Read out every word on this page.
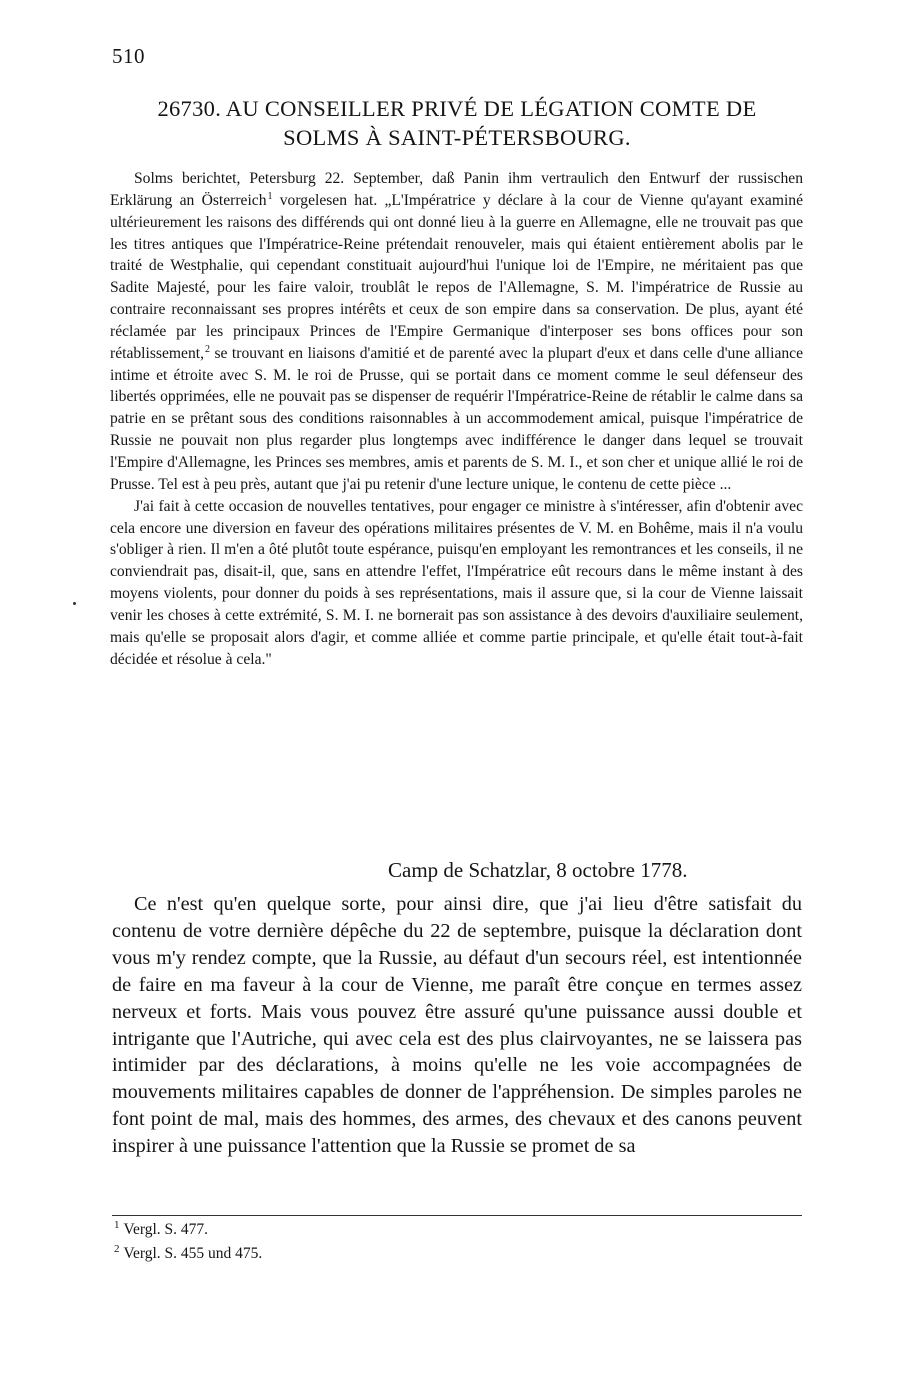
510
26730. AU CONSEILLER PRIVÉ DE LÉGATION COMTE DE
SOLMS À SAINT-PÉTERSBOURG.

Solms berichtet, Petersburg 22. September, daß Panin ihm vertraulich den Entwurf der russischen Erklärung an Österreich$^1$ vorgelesen hat. „L'Impératrice y déclare à la cour de Vienne qu'ayant examiné ultérieurement les raisons des différends qui ont donné lieu à la guerre en Allemagne, elle ne trouvait pas que les titres antiques que l'Impératrice-Reine prétendait renouveler, mais qui étaient entièrement abolis par le traité de Westphalie, qui cependant constituait aujourd'hui l'unique loi de l'Empire, ne méritaient pas que Sadite Majesté, pour les faire valoir, troublât le repos de l'Allemagne, S. M. l'impératrice de Russie au contraire reconnaissant ses propres intérêts et ceux de son empire dans sa conservation. De plus, ayant été réclamée par les principaux Princes de l'Empire Germanique d'interposer ses bons offices pour son rétablissement,$^2$ se trouvant en liaisons d'amitié et de parenté avec la plupart d'eux et dans celle d'une alliance intime et étroite avec S. M. le roi de Prusse, qui se portait dans ce moment comme le seul défenseur des libertés opprimées, elle ne pouvait pas se dispenser de requérir l'Impératrice-Reine de rétablir le calme dans sa patrie en se prêtant sous des conditions raisonnables à un accommodement amical, puisque l'impératrice de Russie ne pouvait non plus regarder plus longtemps avec indifférence le danger dans lequel se trouvait l'Empire d'Allemagne, les Princes ses membres, amis et parents de S. M. I., et son cher et unique allié le roi de Prusse. Tel est à peu près, autant que j'ai pu retenir d'une lecture unique, le contenu de cette pièce ...

J'ai fait à cette occasion de nouvelles tentatives, pour engager ce ministre à s'intéresser, afin d'obtenir avec cela encore une diversion en faveur des opérations militaires présentes de V. M. en Bohême, mais il n'a voulu s'obliger à rien. Il m'en a ôté plutôt toute espérance, puisqu'en employant les remontrances et les conseils, il ne conviendrait pas, disait-il, que, sans en attendre l'effet, l'Impératrice eût recours dans le même instant à des moyens violents, pour donner du poids à ses représentations, mais il assure que, si la cour de Vienne laissait venir les choses à cette extrémité, S. M. I. ne bornerait pas son assistance à des devoirs d'auxiliaire seulement, mais qu'elle se proposait alors d'agir, et comme alliée et comme partie principale, et qu'elle était tout-à-fait décidée et résolue à cela."

Camp de Schatzlar, 8 octobre 1778.

Ce n'est qu'en quelque sorte, pour ainsi dire, que j'ai lieu d'être satisfait du contenu de votre dernière dépêche du 22 de septembre, puisque la déclaration dont vous m'y rendez compte, que la Russie, au défaut d'un secours réel, est intentionnée de faire en ma faveur à la cour de Vienne, me paraît être conçue en termes assez nerveux et forts. Mais vous pouvez être assuré qu'une puissance aussi double et intrigante que l'Autriche, qui avec cela est des plus clairvoyantes, ne se laissera pas intimider par des déclarations, à moins qu'elle ne les voie accompagnées de mouvements militaires capables de donner de l'appréhension. De simples paroles ne font point de mal, mais des hommes, des armes, des chevaux et des canons peuvent inspirer à une puissance l'attention que la Russie se promet de sa

$^1$ Vergl. S. 477.
$^2$ Vergl. S. 455 und 475.
